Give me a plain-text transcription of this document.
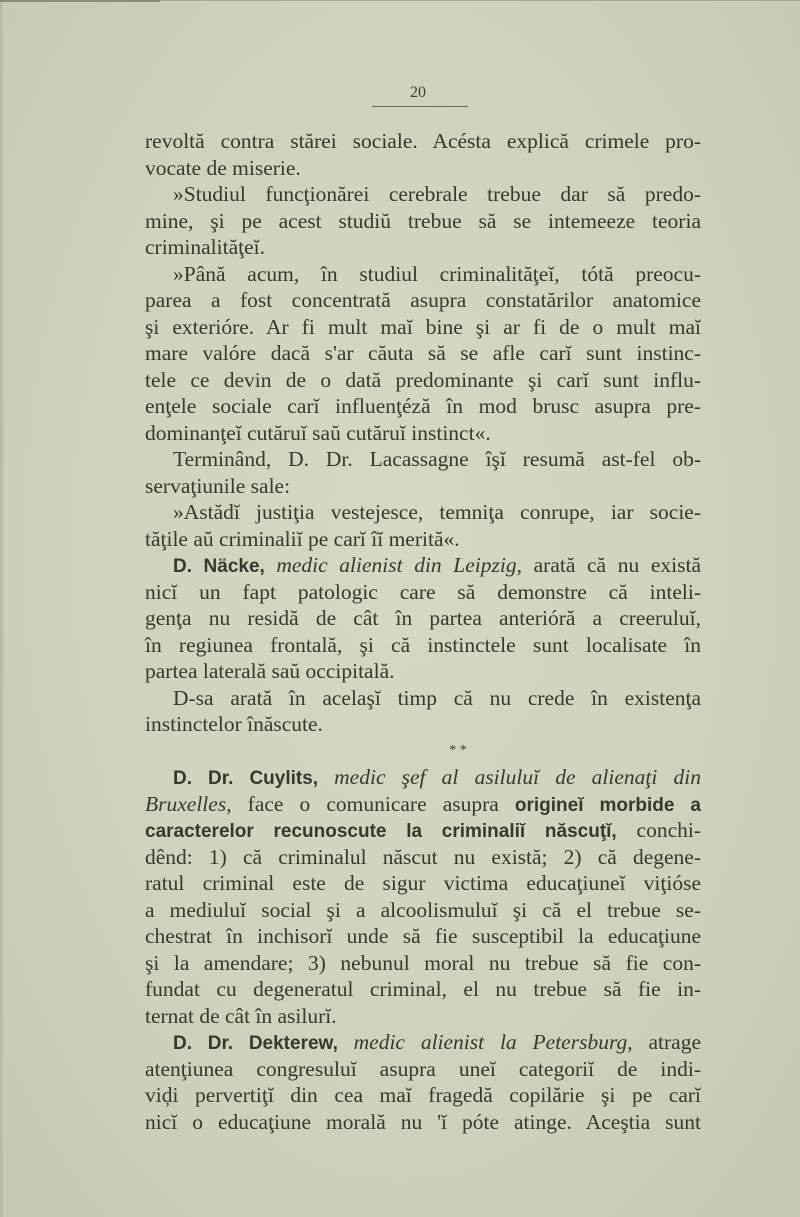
20
revoltă contra stărei sociale. Acésta explică crimele pro-
vocate de miserie.
»Studiul funcţionărei cerebrale trebue dar să predo-
mine, şi pe acest studiŭ trebue să se intemeeze teoria
criminalităţeĭ.
»Până acum, în studiul criminalităţeĭ, tótă preocu-
parea a fost concentrată asupra constatărilor anatomice
şi exterióre. Ar fi mult maĭ bine şi ar fi de o mult maĭ
mare valóre dacă s'ar căuta să se afle carĭ sunt instinc-
tele ce devin de o dată predominante şi carĭ sunt influ-
enţele sociale carĭ influenţéză în mod brusc asupra pre-
dominanţeĭ cutăruĭ saŭ cutăruĭ instinct«.
Terminând, D. Dr. Lacassagne îşĭ resumă ast-fel ob-
servaţiunile sale:
»Astădĭ justiţia vestejesce, temniţa conrupe, iar socie-
tăţile aŭ criminaliĭ pe carĭ îĭ merită«.
D. Näcke, medic alienist din Leipzig, arată că nu există
nicĭ un fapt patologic care să demonstre că inteli-
genţa nu residă de cât în partea anterióră a creeruluĭ,
în regiunea frontală, şi că instinctele sunt localisate în
partea laterală saŭ occipitală.
D-sa arată în acelaşĭ timp că nu crede în existenţa
instinctelor înăscute.
* *
D. Dr. Cuylits, medic şef al asiluluĭ de alienaţi din
Bruxelles, face o comunicare asupra origineĭ morbide a
caracterelor recunoscute la criminaliĭ născuţĭ, conchi-
dênd: 1) că criminalul născut nu există; 2) că degene-
ratul criminal este de sigur victima educaţiuneĭ viţióse
a mediuluĭ social şi a alcoolismuluĭ şi că el trebue se-
chestrat în inchisorĭ unde să fie susceptibil la educaţiune
şi la amendare; 3) nebunul moral nu trebue să fie con-
fundat cu degeneratul criminal, el nu trebue să fie in-
ternat de cât în asilurĭ.
D. Dr. Dekterew, medic alienist la Petersburg, atrage
atenţiunea congresuluĭ asupra uneĭ categoriĭ de indi-
viḑi pervertiţĭ din cea maĭ fragedă copilărie şi pe carĭ
nicĭ o educaţiune morală nu 'ĭ póte atinge. Aceştia sunt
